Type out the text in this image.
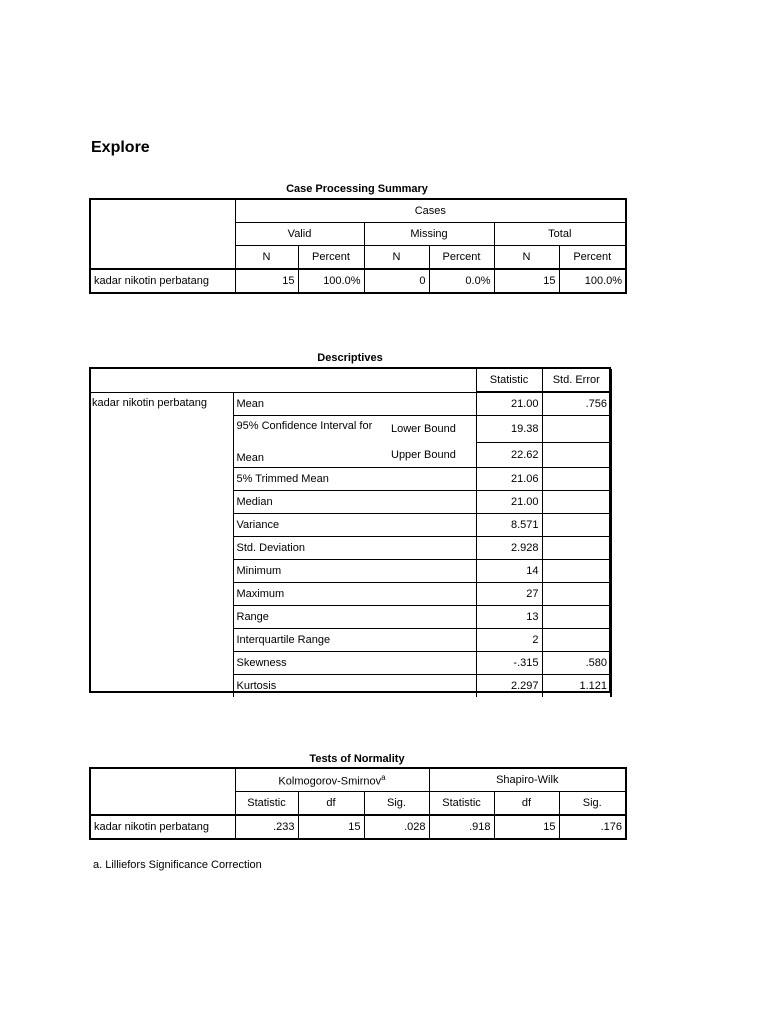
Explore
Case Processing Summary
	Cases					
	Valid		Missing		Total	
	N	Percent	N	Percent	N	Percent
kadar nikotin perbatang	15	100.0%	0	0.0%	15	100.0%
Descriptives
			Statistic	Std. Error
kadar nikotin perbatang	Mean		21.00	.756
	95% Confidence Interval for	Lower Bound	19.38	
	Mean	Upper Bound	22.62	
	5% Trimmed Mean		21.06	
	Median		21.00	
	Variance		8.571	
	Std. Deviation		2.928	
	Minimum		14	
	Maximum		27	
	Range		13	
	Interquartile Range		2	
	Skewness		-.315	.580
	Kurtosis		2.297	1.121
Tests of Normality
	Kolmogorov-Smirnov$^a$			Shapiro-Wilk		
	Statistic	df	Sig.	Statistic	df	Sig.
kadar nikotin perbatang	.233	15	.028	.918	15	.176
a. Lilliefors Significance Correction
